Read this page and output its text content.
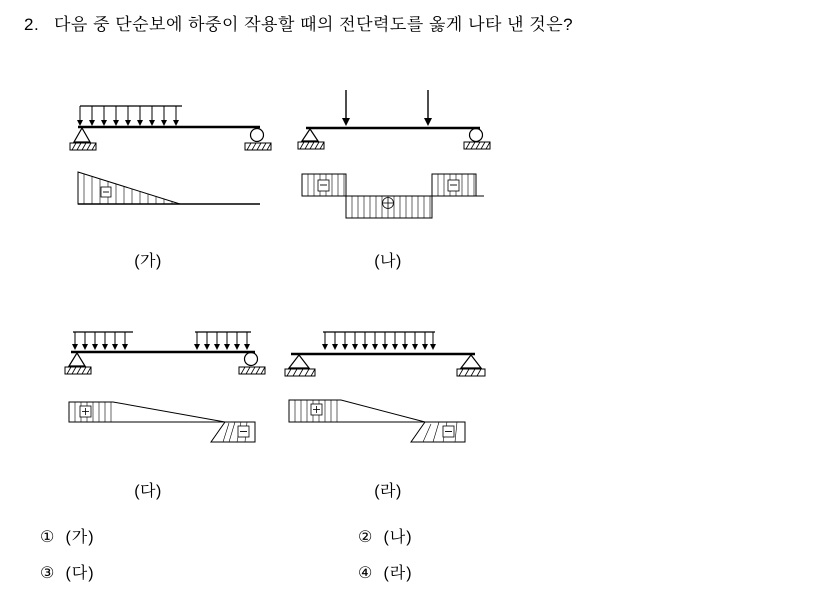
2. 다음 중 단순보에 하중이 작용할 때의 전단력도를 옳게 나타 낸 것은?
(가)	(나)
(다)	(라)
① (가)	② (나)
③ (다)	④ (라)
